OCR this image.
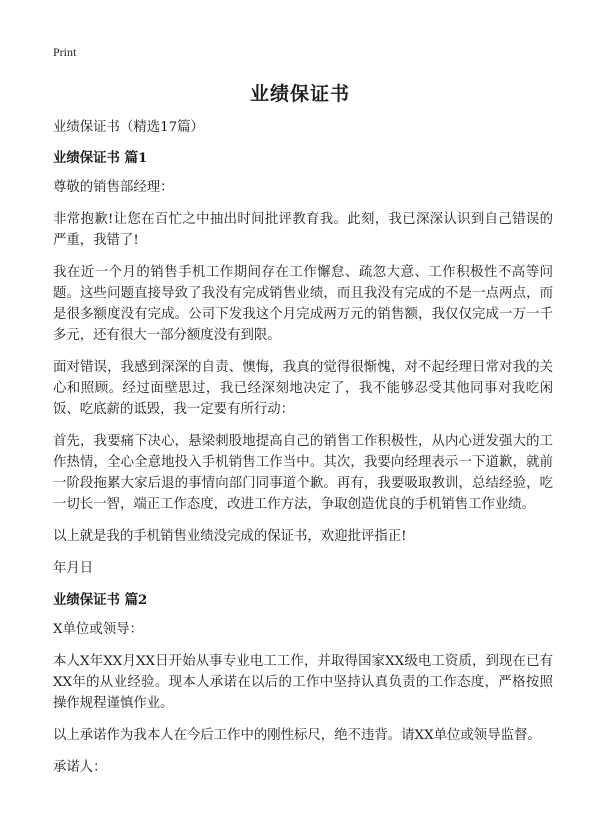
Print
业绩保证书

业绩保证书（精选17篇）

业绩保证书 篇1

尊敬的销售部经理：

非常抱歉!让您在百忙之中抽出时间批评教育我。此刻，我已深深认识到自己错误的严重，我错了!

我在近一个月的销售手机工作期间存在工作懈怠、疏忽大意、工作积极性不高等问题。这些问题直接导致了我没有完成销售业绩，而且我没有完成的不是一点两点，而是很多额度没有完成。公司下发我这个月完成两万元的销售额，我仅仅完成一万一千多元，还有很大一部分额度没有到限。

面对错误，我感到深深的自责、懊悔，我真的觉得很惭愧，对不起经理日常对我的关心和照顾。经过面壁思过，我已经深刻地决定了，我不能够忍受其他同事对我吃闲饭、吃底薪的诋毁，我一定要有所行动：

首先，我要痛下决心，悬梁刺股地提高自己的销售工作积极性，从内心迸发强大的工作热情，全心全意地投入手机销售工作当中。其次，我要向经理表示一下道歉，就前一阶段拖累大家后退的事情向部门同事道个歉。再有，我要吸取教训，总结经验，吃一切长一智，端正工作态度，改进工作方法，争取创造优良的手机销售工作业绩。

以上就是我的手机销售业绩没完成的保证书，欢迎批评指正!

年月日

业绩保证书 篇2

X单位或领导：

本人X年XX月XX日开始从事专业电工工作，并取得国家XX级电工资质，到现在已有XX年的从业经验。现本人承诺在以后的工作中坚持认真负责的工作态度，严格按照操作规程谨慎作业。

以上承诺作为我本人在今后工作中的刚性标尺，绝不违背。请XX单位或领导监督。

承诺人：
